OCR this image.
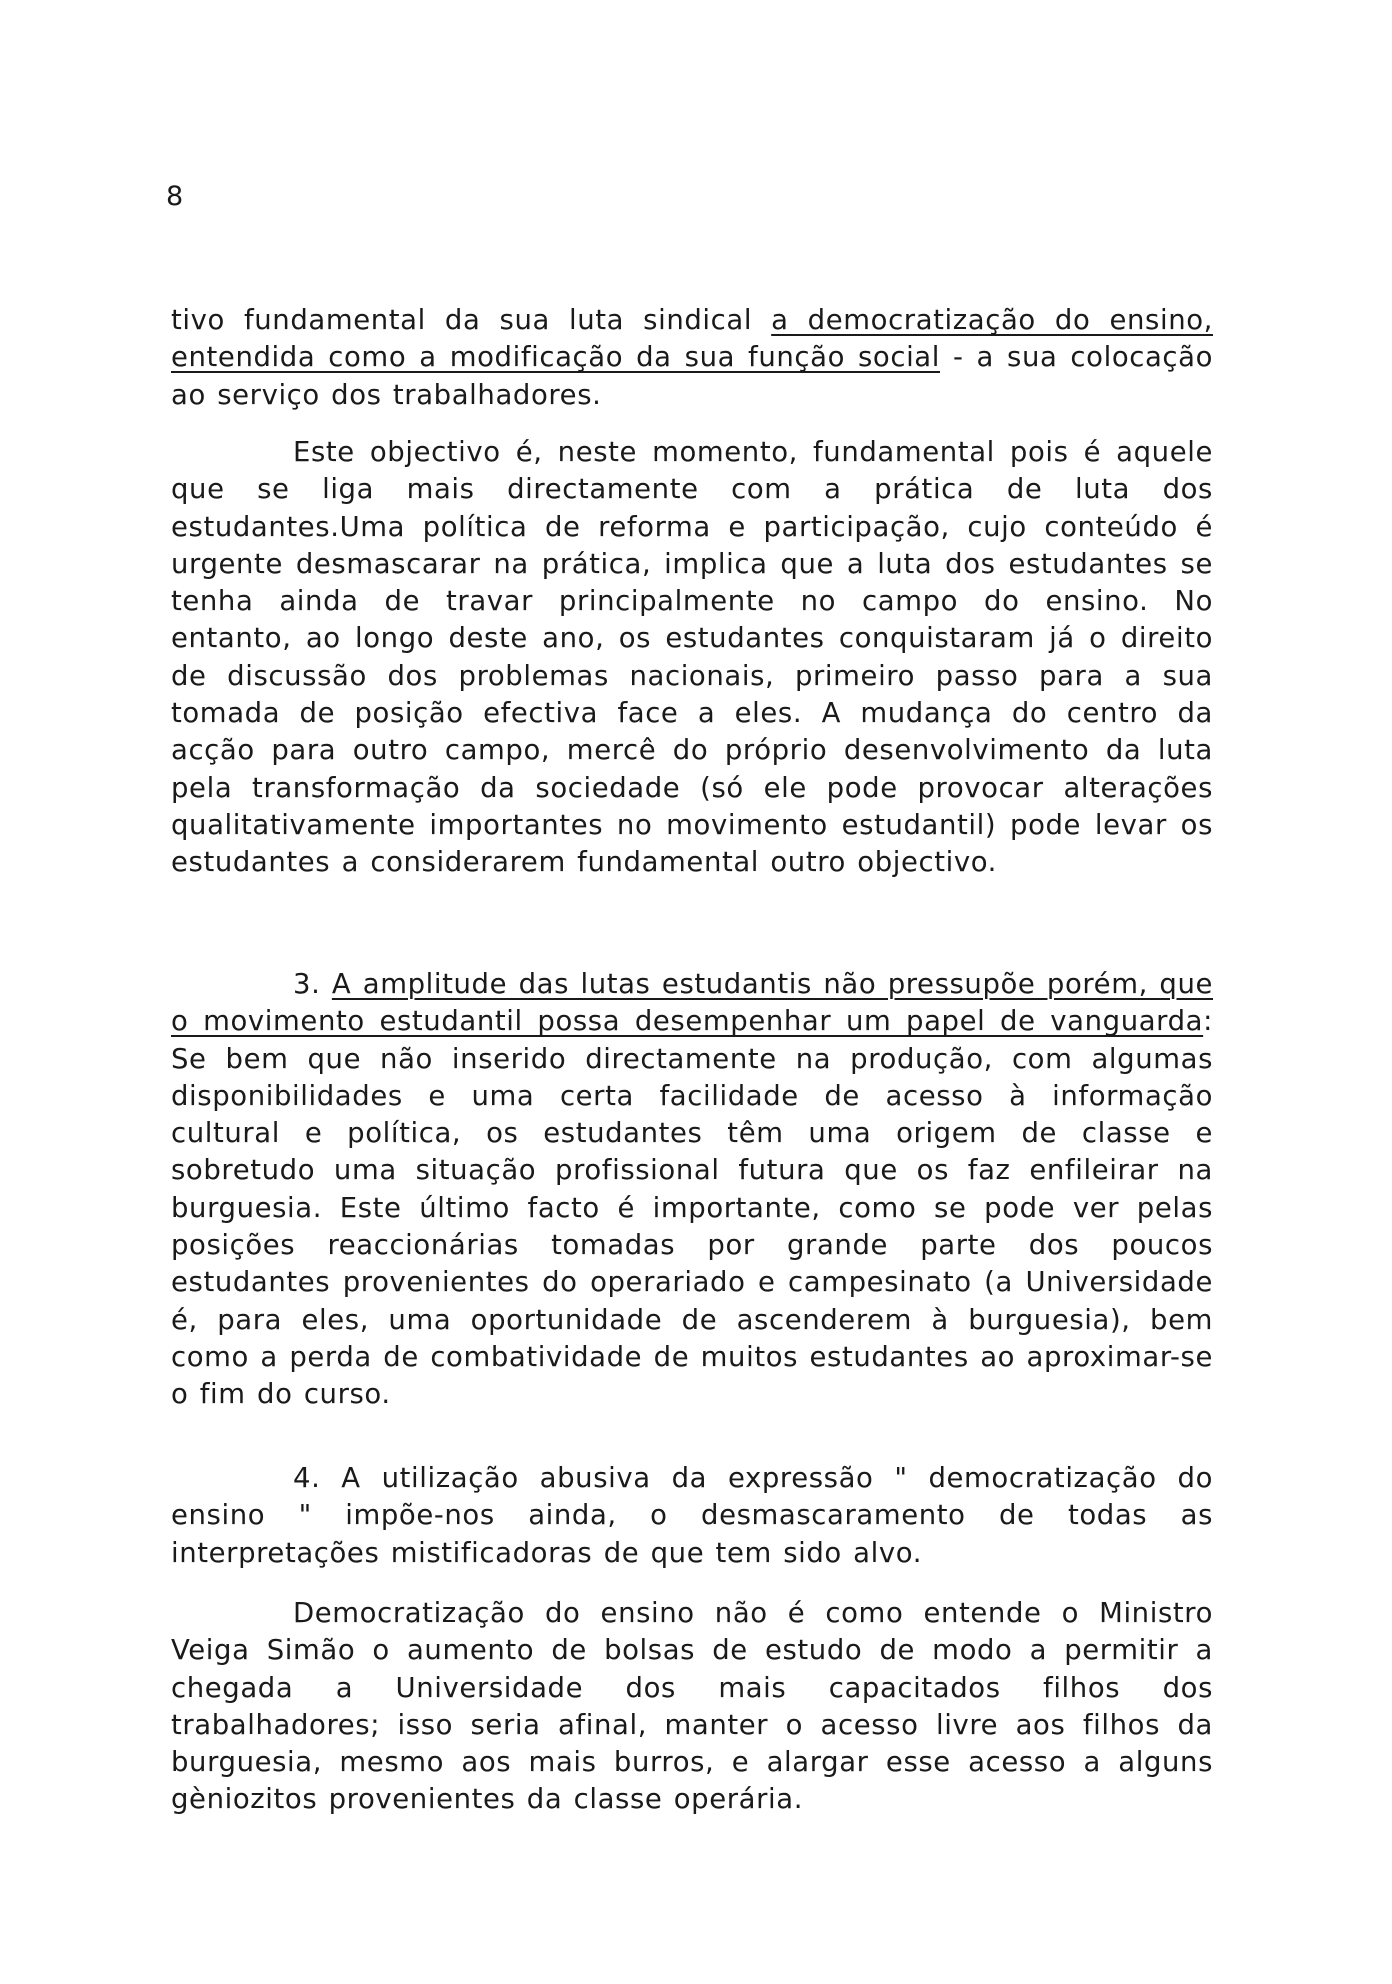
8

tivo fundamental da sua luta sindical a democratização do ensino, entendida como a modificação da sua função social - a sua colocação ao serviço dos trabalhadores.

Este objectivo é, neste momento, fundamental pois é aquele que se liga mais directamente com a prática de luta dos estudantes.Uma política de reforma e participação, cujo conteúdo é urgente desmascarar na prática, implica que a luta dos estudantes se tenha ainda de travar principalmente no campo do ensino. No entanto, ao longo deste ano, os estudantes conquistaram já o direito de discussão dos problemas nacionais, primeiro passo para a sua tomada de posição efectiva face a eles. A mudança do centro da acção para outro campo, mercê do próprio desenvolvimento da luta pela transformação da sociedade (só ele pode provocar alterações qualitativamente importantes no movimento estudantil) pode levar os estudantes a considerarem fundamental outro objectivo.

3. A amplitude das lutas estudantis não pressupõe porém, que o movimento estudantil possa desempenhar um papel de vanguarda: Se bem que não inserido directamente na produção, com algumas disponibilidades e uma certa facilidade de acesso à informação cultural e política, os estudantes têm uma origem de classe e sobretudo uma situação profissional futura que os faz enfileirar na burguesia. Este último facto é importante, como se pode ver pelas posições reaccionárias tomadas por grande parte dos poucos estudantes provenientes do operariado e campesinato (a Universidade é, para eles, uma oportunidade de ascenderem à burguesia), bem como a perda de combatividade de muitos estudantes ao aproximar-se o fim do curso.

4. A utilização abusiva da expressão " democratização do ensino " impõe-nos ainda, o desmascaramento de todas as interpretações mistificadoras de que tem sido alvo.

Democratização do ensino não é como entende o Ministro Veiga Simão o aumento de bolsas de estudo de modo a permitir a chegada a Universidade dos mais capacitados filhos dos trabalhadores; isso seria afinal, manter o acesso livre aos filhos da burguesia, mesmo aos mais burros, e alargar esse acesso a alguns gèniozitos provenientes da classe operária.
